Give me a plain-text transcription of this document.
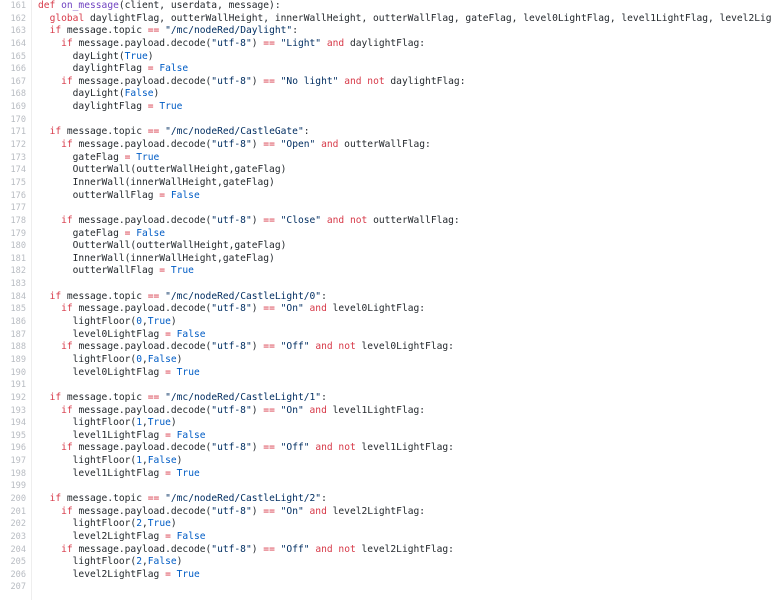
161 def on_message(client, userdata, message):
162	global daylightFlag, outterWallHeight, innerWallHeight, outterWallFlag, gateFlag, level0LightFlag, level1LightFlag, level2Lig
163	if message.topic == "/mc/nodeRed/Daylight":
164	if message.payload.decode("utf-8") == "Light" and daylightFlag:
165 dayLight(True)
166 daylightFlag = False
167	if message.payload.decode("utf-8") == "No light" and not daylightFlag:
168 dayLight(False)
169 daylightFlag = True
170
171	if message.topic == "/mc/nodeRed/CastleGate":
172	if message.payload.decode("utf-8") == "Open" and outterWallFlag:
173 gateFlag = True
174 OutterWall(outterWallHeight,gateFlag)
175 InnerWall(innerWallHeight,gateFlag)
176 outterWallFlag = False
177
178	if message.payload.decode("utf-8") == "Close" and not outterWallFlag:
179 gateFlag = False
180 OutterWall(outterWallHeight,gateFlag)
181 InnerWall(innerWallHeight,gateFlag)
182 outterWallFlag = True
183
184	if message.topic == "/mc/nodeRed/CastleLight/0":
185	if message.payload.decode("utf-8") == "On" and level0LightFlag:
186 lightFloor(0,True)
187 level0LightFlag = False
188	if message.payload.decode("utf-8") == "Off" and not level0LightFlag:
189 lightFloor(0,False)
190 level0LightFlag = True
191
192	if message.topic == "/mc/nodeRed/CastleLight/1":
193	if message.payload.decode("utf-8") == "On" and level1LightFlag:
194 lightFloor(1,True)
195 level1LightFlag = False
196	if message.payload.decode("utf-8") == "Off" and not level1LightFlag:
197 lightFloor(1,False)
198 level1LightFlag = True
199
200	if message.topic == "/mc/nodeRed/CastleLight/2":
201	if message.payload.decode("utf-8") == "On" and level2LightFlag:
202 lightFloor(2,True)
203 level2LightFlag = False
204	if message.payload.decode("utf-8") == "Off" and not level2LightFlag:
205 lightFloor(2,False)
206 level2LightFlag = True
207
